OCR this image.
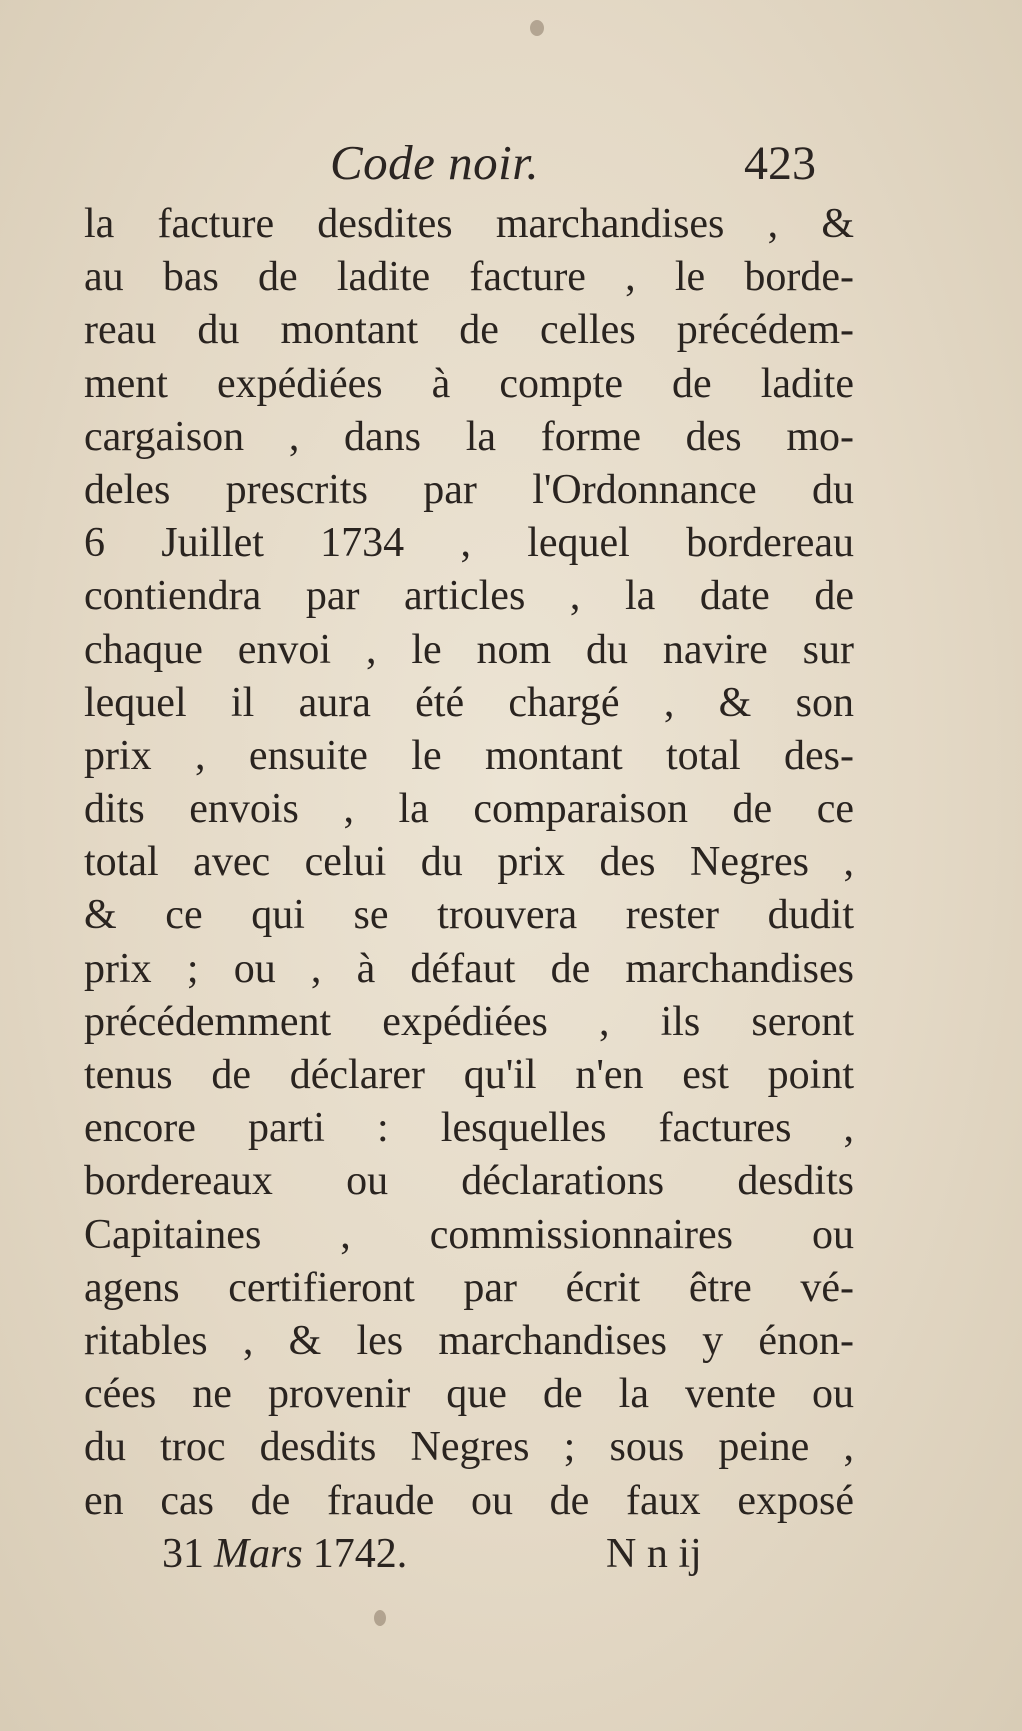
Code noir.	423
la facture desdites marchandises , &
au bas de ladite facture , le borde-
reau du montant de celles précédem-
ment expédiées à compte de ladite
cargaison , dans la forme des mo-
deles prescrits par l'Ordonnance du
6 Juillet 1734 , lequel bordereau
contiendra par articles , la date de
chaque envoi , le nom du navire sur
lequel il aura été chargé , & son
prix , ensuite le montant total des-
dits envois , la comparaison de ce
total avec celui du prix des Negres ,
& ce qui se trouvera rester dudit
prix ; ou , à défaut de marchandises
précédemment expédiées , ils seront
tenus de déclarer qu'il n'en est point
encore parti : lesquelles factures ,
bordereaux ou déclarations desdits
Capitaines , commissionnaires ou
agens certifieront par écrit être vé-
ritables , & les marchandises y énon-
cées ne provenir que de la vente ou
du troc desdits Negres ; sous peine ,
en cas de fraude ou de faux exposé
31 Mars 1742.	N n ij
